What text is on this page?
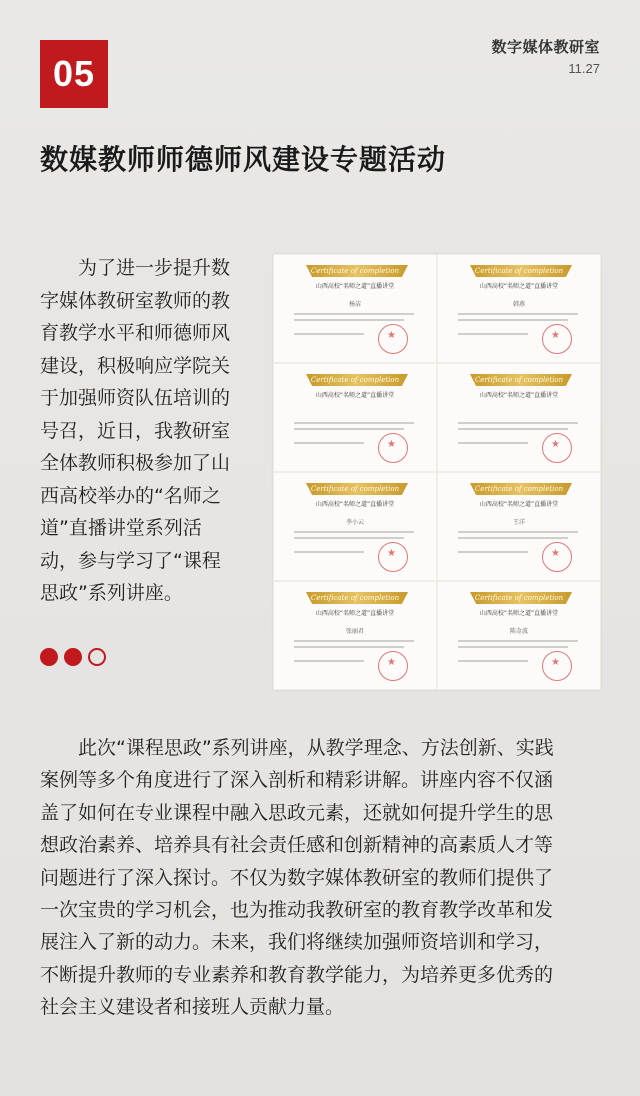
05
数字媒体教研室
11.27
数媒教师师德师风建设专题活动
　　为了进一步提升数
字媒体教研室教师的教
育教学水平和师德师风
建设，积极响应学院关
于加强师资队伍培训的
号召，近日，我教研室
全体教师积极参加了山
西高校举办的“名师之
道”直播讲堂系列活
动，参与学习了“课程
思政”系列讲座。
Certificate of completion
山西高校“名师之道”直播讲堂
杨洁
★
Certificate of completion
山西高校“名师之道”直播讲堂
韩燕
★
Certificate of completion
山西高校“名师之道”直播讲堂
★
Certificate of completion
山西高校“名师之道”直播讲堂
★
Certificate of completion
山西高校“名师之道”直播讲堂
李小云
★
Certificate of completion
山西高校“名师之道”直播讲堂
王洋
★
Certificate of completion
山西高校“名师之道”直播讲堂
张丽君
★
Certificate of completion
山西高校“名师之道”直播讲堂
陈金波
★
　　此次“课程思政”系列讲座，从教学理念、方法创新、实践
案例等多个角度进行了深入剖析和精彩讲解。讲座内容不仅涵
盖了如何在专业课程中融入思政元素，还就如何提升学生的思
想政治素养、培养具有社会责任感和创新精神的高素质人才等
问题进行了深入探讨。不仅为数字媒体教研室的教师们提供了
一次宝贵的学习机会，也为推动我教研室的教育教学改革和发
展注入了新的动力。未来，我们将继续加强师资培训和学习，
不断提升教师的专业素养和教育教学能力，为培养更多优秀的
社会主义建设者和接班人贡献力量。
